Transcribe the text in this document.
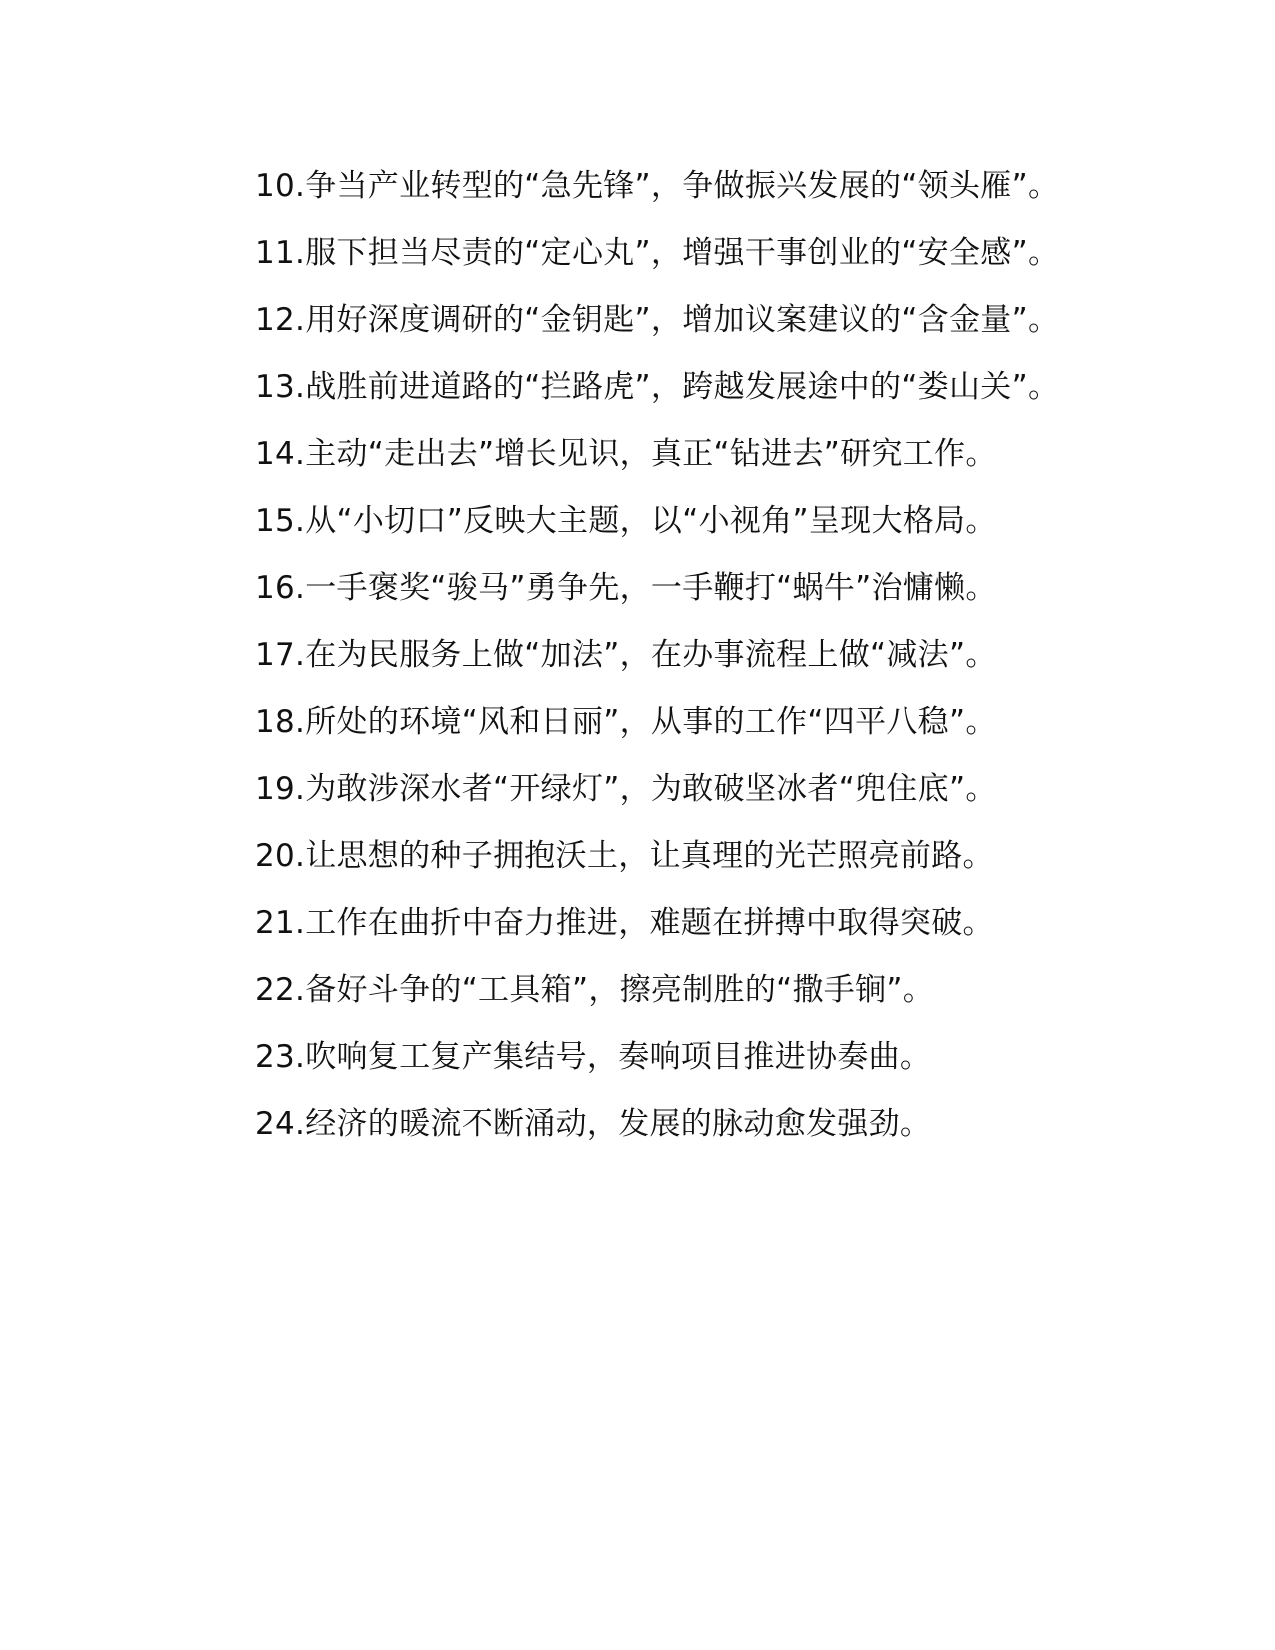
10.争当产业转型的“急先锋”，争做振兴发展的“领头雁”。

11.服下担当尽责的“定心丸”，增强干事创业的“安全感”。

12.用好深度调研的“金钥匙”，增加议案建议的“含金量”。

13.战胜前进道路的“拦路虎”，跨越发展途中的“娄山关”。

14.主动“走出去”增长见识，真正“钻进去”研究工作。

15.从“小切口”反映大主题，以“小视角”呈现大格局。

16.一手褒奖“骏马”勇争先，一手鞭打“蜗牛”治慵懒。

17.在为民服务上做“加法”，在办事流程上做“减法”。

18.所处的环境“风和日丽”，从事的工作“四平八稳”。

19.为敢涉深水者“开绿灯”，为敢破坚冰者“兜住底”。

20.让思想的种子拥抱沃土，让真理的光芒照亮前路。

21.工作在曲折中奋力推进，难题在拼搏中取得突破。

22.备好斗争的“工具箱”，擦亮制胜的“撒手锏”。

23.吹响复工复产集结号，奏响项目推进协奏曲。

24.经济的暖流不断涌动，发展的脉动愈发强劲。
